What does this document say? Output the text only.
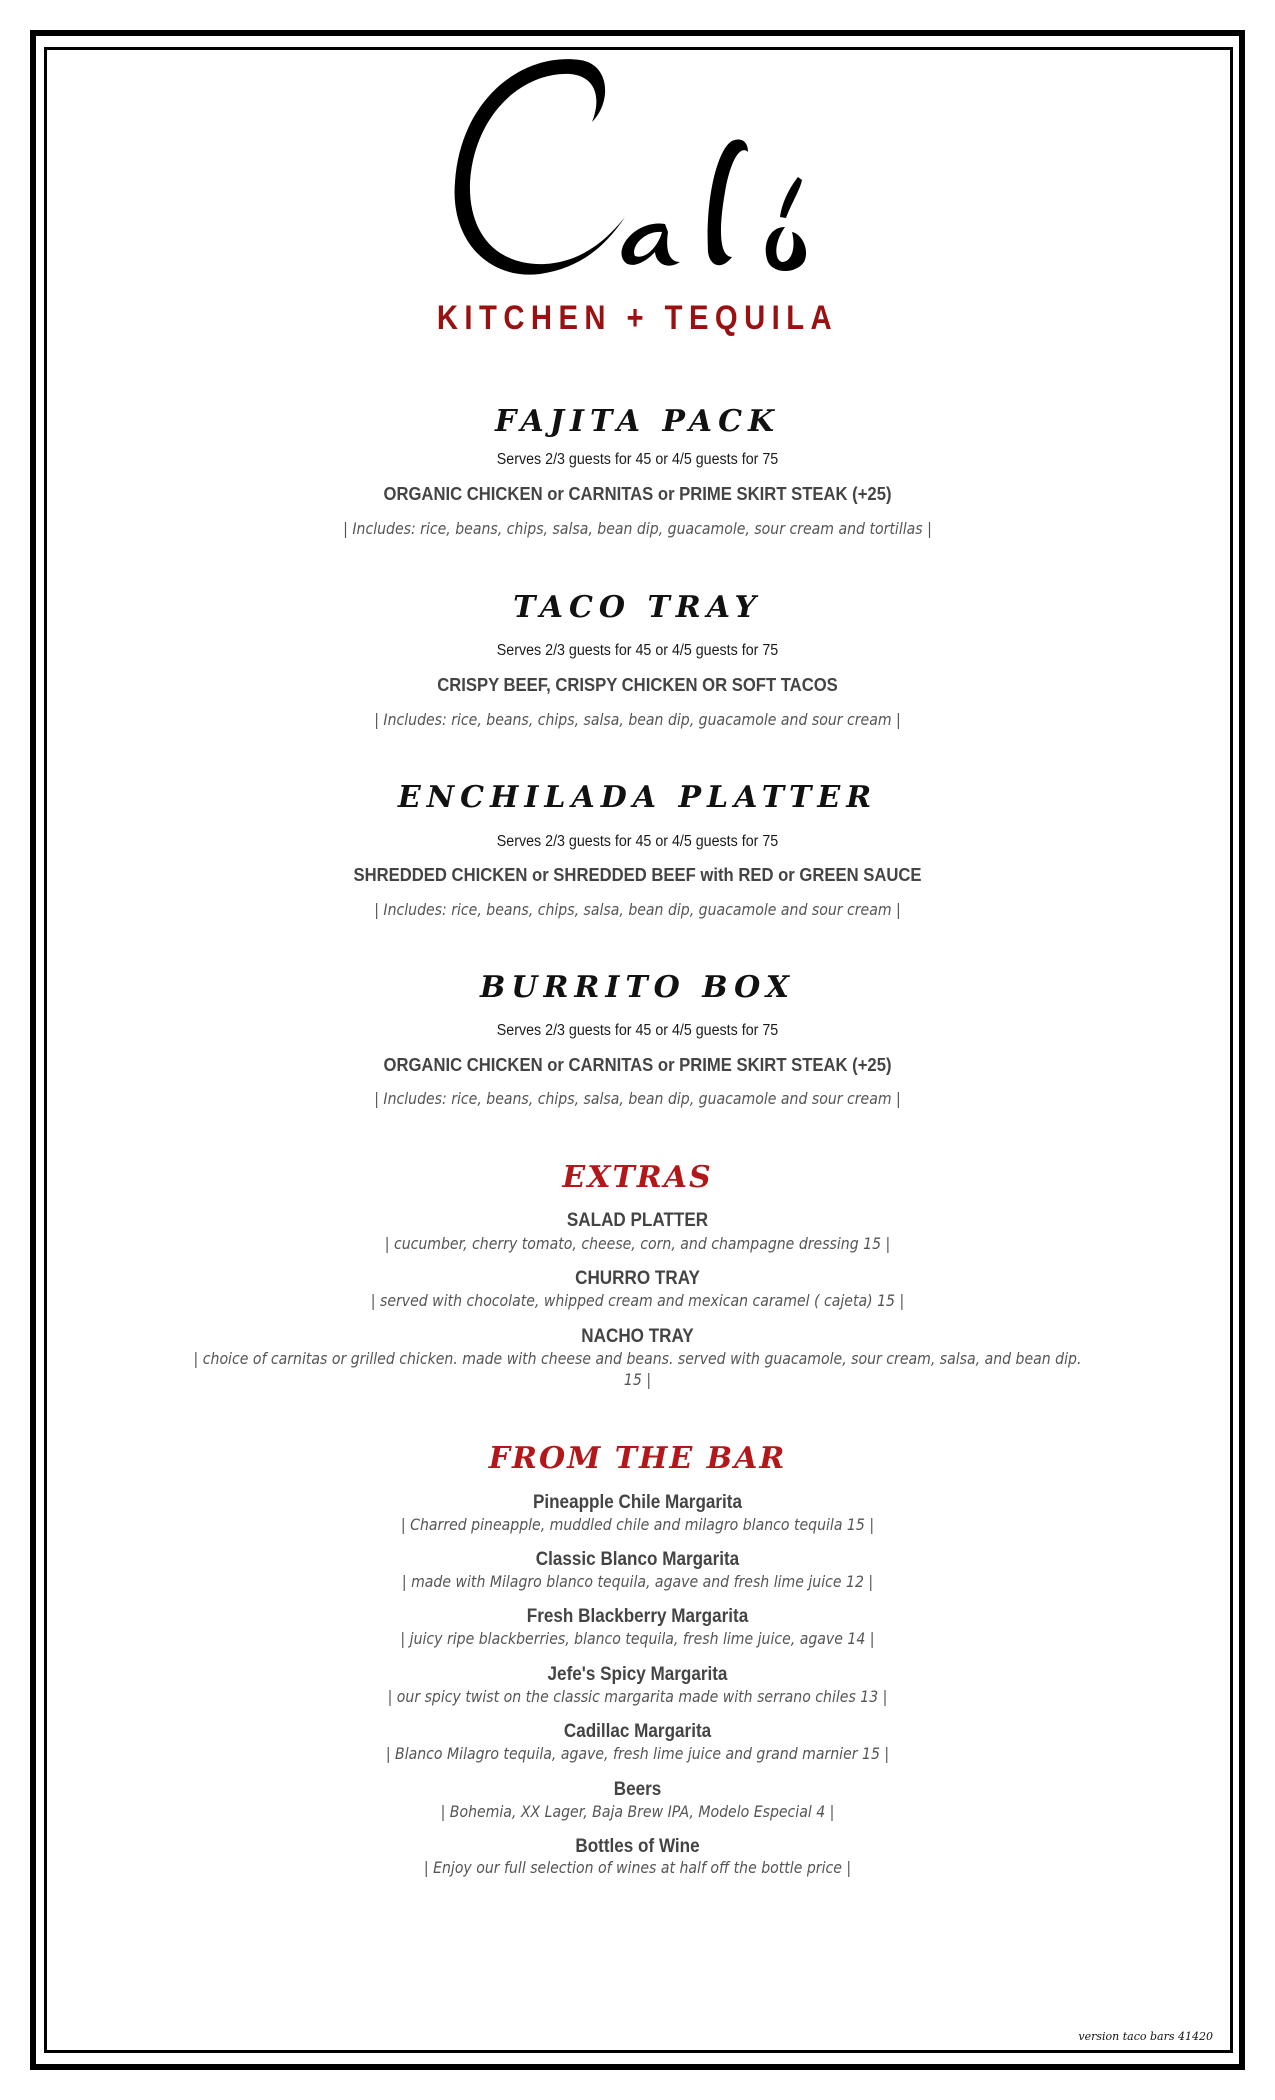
KITCHEN + TEQUILA
FAJITA PACK
Serves 2/3 guests for 45 or 4/5 guests for 75
ORGANIC CHICKEN or CARNITAS or PRIME SKIRT STEAK (+25)
| Includes: rice, beans, chips, salsa, bean dip, guacamole, sour cream and tortillas |
TACO TRAY
Serves 2/3 guests for 45 or 4/5 guests for 75
CRISPY BEEF, CRISPY CHICKEN OR SOFT TACOS
| Includes: rice, beans, chips, salsa, bean dip, guacamole and sour cream |
ENCHILADA PLATTER
Serves 2/3 guests for 45 or 4/5 guests for 75
SHREDDED CHICKEN or SHREDDED BEEF with RED or GREEN SAUCE
| Includes: rice, beans, chips, salsa, bean dip, guacamole and sour cream |
BURRITO BOX
Serves 2/3 guests for 45 or 4/5 guests for 75
ORGANIC CHICKEN or CARNITAS or PRIME SKIRT STEAK (+25)
| Includes: rice, beans, chips, salsa, bean dip, guacamole and sour cream |
EXTRAS
SALAD PLATTER
| cucumber, cherry tomato, cheese, corn, and champagne dressing 15 |
CHURRO TRAY
| served with chocolate, whipped cream and mexican caramel ( cajeta) 15 |
NACHO TRAY
| choice of carnitas or grilled chicken. made with cheese and beans. served with guacamole, sour cream, salsa, and bean dip.
15 |
FROM THE BAR
Pineapple Chile Margarita
| Charred pineapple, muddled chile and milagro blanco tequila 15 |
Classic Blanco Margarita
| made with Milagro blanco tequila, agave and fresh lime juice 12 |
Fresh Blackberry Margarita
| juicy ripe blackberries, blanco tequila, fresh lime juice, agave 14 |
Jefe's Spicy Margarita
| our spicy twist on the classic margarita made with serrano chiles 13 |
Cadillac Margarita
| Blanco Milagro tequila, agave, fresh lime juice and grand marnier 15 |
Beers
| Bohemia, XX Lager, Baja Brew IPA, Modelo Especial 4 |
Bottles of Wine
| Enjoy our full selection of wines at half off the bottle price |
version taco bars 41420
